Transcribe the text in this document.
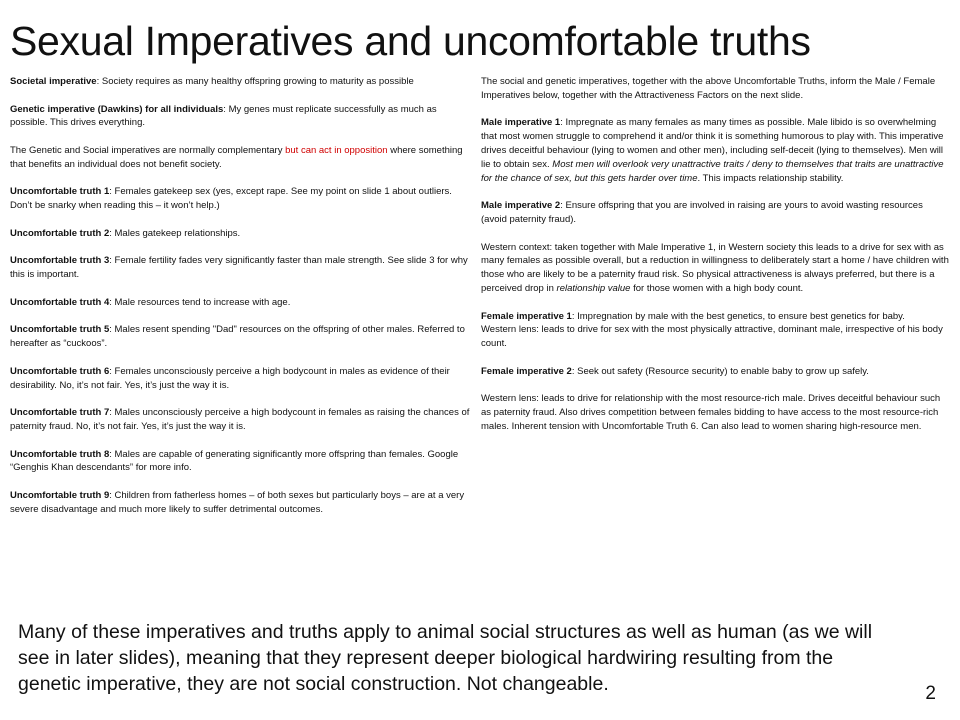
Sexual Imperatives and uncomfortable truths

Societal imperative: Society requires as many healthy offspring growing to maturity as possible

Genetic imperative (Dawkins) for all individuals: My genes must replicate successfully as much as possible. This drives everything.

The Genetic and Social imperatives are normally complementary but can act in opposition where something that benefits an individual does not benefit society.

Uncomfortable truth 1: Females gatekeep sex (yes, except rape. See my point on slide 1 about outliers. Don’t be snarky when reading this – it won’t help.)

Uncomfortable truth 2: Males gatekeep relationships.

Uncomfortable truth 3: Female fertility fades very significantly faster than male strength. See slide 3 for why this is important.

Uncomfortable truth 4: Male resources tend to increase with age.

Uncomfortable truth 5: Males resent spending "Dad" resources on the offspring of other males. Referred to hereafter as “cuckoos”.

Uncomfortable truth 6: Females unconsciously perceive a high bodycount in males as evidence of their desirability. No, it’s not fair. Yes, it’s just the way it is.

Uncomfortable truth 7: Males unconsciously perceive a high bodycount in females as raising the chances of paternity fraud. No, it’s not fair. Yes, it’s just the way it is.

Uncomfortable truth 8: Males are capable of generating significantly more offspring than females. Google “Genghis Khan descendants” for more info.

Uncomfortable truth 9: Children from fatherless homes – of both sexes but particularly boys – are at a very severe disadvantage and much more likely to suffer detrimental outcomes.

The social and genetic imperatives, together with the above Uncomfortable Truths, inform the Male / Female Imperatives below, together with the Attractiveness Factors on the next slide.

Male imperative 1: Impregnate as many females as many times as possible. Male libido is so overwhelming that most women struggle to comprehend it and/or think it is something humorous to play with. This imperative drives deceitful behaviour (lying to women and other men), including self-deceit (lying to themselves). Men will lie to obtain sex. Most men will overlook very unattractive traits / deny to themselves that traits are unattractive for the chance of sex, but this gets harder over time. This impacts relationship stability.

Male imperative 2: Ensure offspring that you are involved in raising are yours to avoid wasting resources (avoid paternity fraud).

Western context: taken together with Male Imperative 1, in Western society this leads to a drive for sex with as many females as possible overall, but a reduction in willingness to deliberately start a home / have children with those who are likely to be a paternity fraud risk. So physical attractiveness is always preferred, but there is a perceived drop in relationship value for those women with a high body count.

Female imperative 1: Impregnation by male with the best genetics, to ensure best genetics for baby.

Western lens: leads to drive for sex with the most physically attractive, dominant male, irrespective of his body count.

Female imperative 2: Seek out safety (Resource security) to enable baby to grow up safely.

Western lens: leads to drive for relationship with the most resource-rich male. Drives deceitful behaviour such as paternity fraud. Also drives competition between females bidding to have access to the most resource-rich males. Inherent tension with Uncomfortable Truth 6. Can also lead to women sharing high-resource men.

Many of these imperatives and truths apply to animal social structures as well as human (as we will see in later slides), meaning that they represent deeper biological hardwiring resulting from the genetic imperative, they are not social construction. Not changeable.	2
